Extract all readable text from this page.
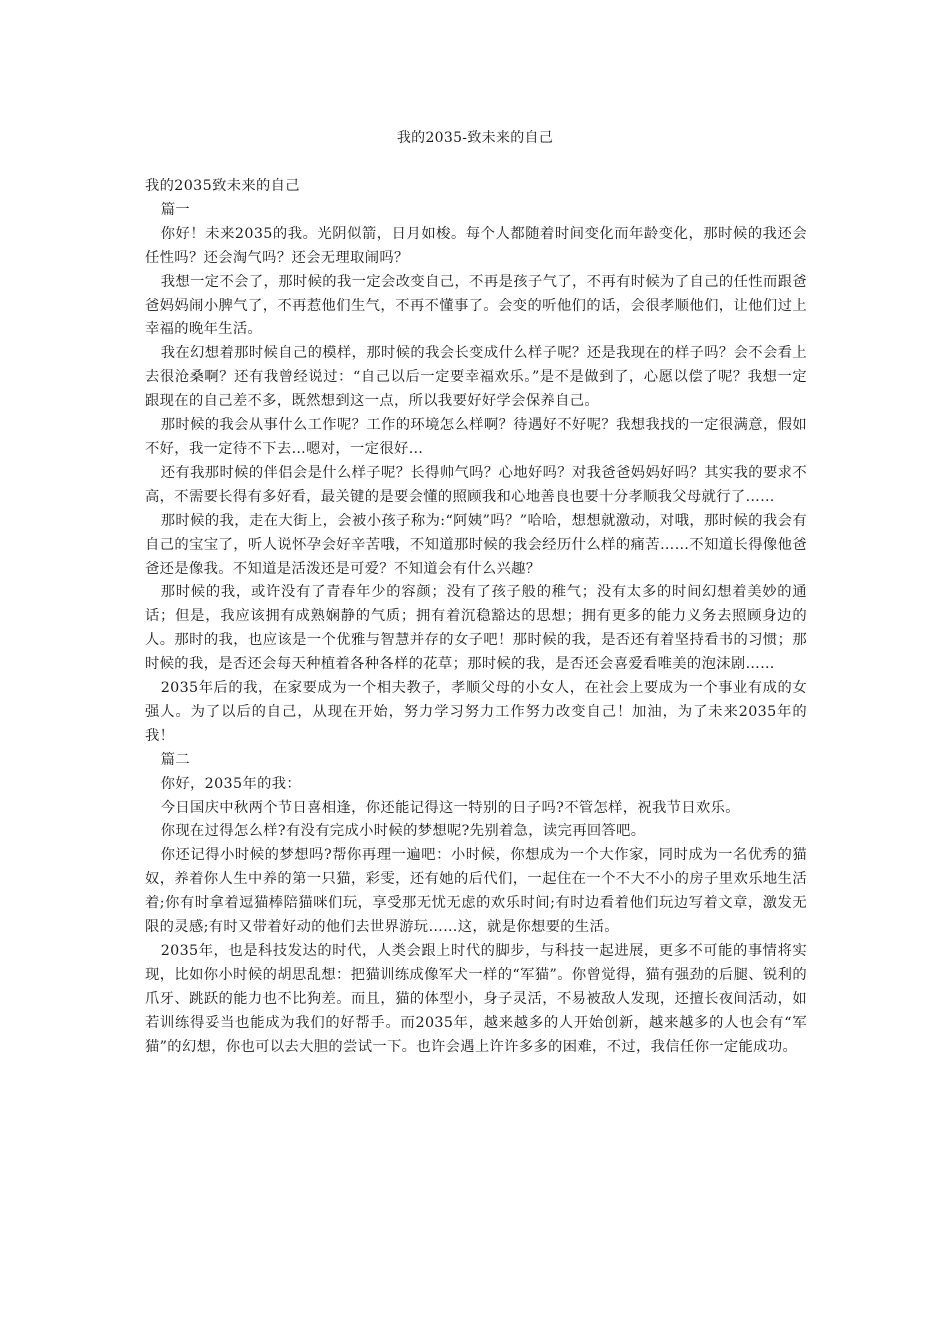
我的2035-致未来的自己

我的2035致未来的自己

篇一

你好！未来2035的我。光阴似箭，日月如梭。每个人都随着时间变化而年龄变化，那时候的我还会任性吗？还会淘气吗？还会无理取闹吗？

我想一定不会了，那时候的我一定会改变自己，不再是孩子气了，不再有时候为了自己的任性而跟爸爸妈妈闹小脾气了，不再惹他们生气，不再不懂事了。会变的听他们的话，会很孝顺他们，让他们过上幸福的晚年生活。

我在幻想着那时候自己的模样，那时候的我会长变成什么样子呢？还是我现在的样子吗？会不会看上去很沧桑啊？还有我曾经说过：“自己以后一定要幸福欢乐。”是不是做到了，心愿以偿了呢？我想一定跟现在的自己差不多，既然想到这一点，所以我要好好学会保养自己。

那时候的我会从事什么工作呢？工作的环境怎么样啊？待遇好不好呢？我想我找的一定很满意，假如不好，我一定待不下去…嗯对，一定很好…

还有我那时候的伴侣会是什么样子呢？长得帅气吗？心地好吗？对我爸爸妈妈好吗？其实我的要求不高，不需要长得有多好看，最关键的是要会懂的照顾我和心地善良也要十分孝顺我父母就行了……

那时候的我，走在大街上，会被小孩子称为:“阿姨”吗？”哈哈，想想就激动，对哦，那时候的我会有自己的宝宝了，听人说怀孕会好辛苦哦，不知道那时候的我会经历什么样的痛苦……不知道长得像他爸爸还是像我。不知道是活泼还是可爱？不知道会有什么兴趣？

那时候的我，或许没有了青春年少的容颜；没有了孩子般的稚气；没有太多的时间幻想着美妙的通话；但是，我应该拥有成熟娴静的气质；拥有着沉稳豁达的思想；拥有更多的能力义务去照顾身边的人。那时的我，也应该是一个优雅与智慧并存的女子吧！那时候的我，是否还有着坚持看书的习惯；那时候的我，是否还会每天种植着各种各样的花草；那时候的我，是否还会喜爱看唯美的泡沫剧……

2035年后的我，在家要成为一个相夫教子，孝顺父母的小女人，在社会上要成为一个事业有成的女强人。为了以后的自己，从现在开始，努力学习努力工作努力改变自己！加油，为了未来2035年的我！

篇二

你好，2035年的我：

今日国庆中秋两个节日喜相逢，你还能记得这一特别的日子吗?不管怎样，祝我节日欢乐。

你现在过得怎么样?有没有完成小时候的梦想呢?先别着急，读完再回答吧。

你还记得小时候的梦想吗?帮你再理一遍吧：小时候，你想成为一个大作家，同时成为一名优秀的猫奴，养着你人生中养的第一只猫，彩雯，还有她的后代们，一起住在一个不大不小的房子里欢乐地生活着;你有时拿着逗猫棒陪猫咪们玩，享受那无忧无虑的欢乐时间;有时边看着他们玩边写着文章，激发无限的灵感;有时又带着好动的他们去世界游玩……这，就是你想要的生活。

2035年，也是科技发达的时代，人类会跟上时代的脚步，与科技一起进展，更多不可能的事情将实现，比如你小时候的胡思乱想：把猫训练成像军犬一样的“军猫”。你曾觉得，猫有强劲的后腿、锐利的爪牙、跳跃的能力也不比狗差。而且，猫的体型小，身子灵活，不易被敌人发现，还擅长夜间活动，如若训练得妥当也能成为我们的好帮手。而2035年，越来越多的人开始创新，越来越多的人也会有“军 猫”的幻想，你也可以去大胆的尝试一下。也许会遇上许许多多的困难，不过，我信任你一定能成功。
